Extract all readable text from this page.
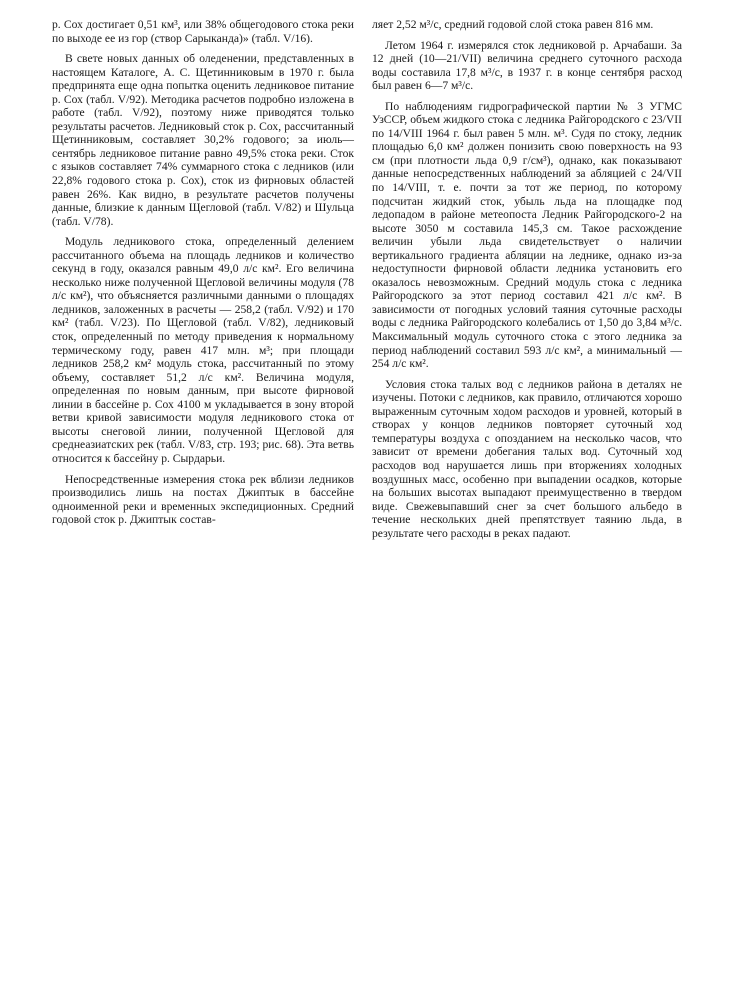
р. Сох достигает 0,51 км³, или 38% общегодового стока реки по выходе ее из гор (створ Сарыканда)» (табл. V/16).

В свете новых данных об оледенении, представленных в настоящем Каталоге, А. С. Щетинниковым в 1970 г. была предпринята еще одна попытка оценить ледниковое питание р. Сох (табл. V/92). Методика расчетов подробно изложена в работе (табл. V/92), поэтому ниже приводятся только результаты расчетов. Ледниковый сток р. Сох, рассчитанный Щетинниковым, составляет 30,2% годового; за июль—сентябрь ледниковое питание равно 49,5% стока реки. Сток с языков составляет 74% суммарного стока с ледников (или 22,8% годового стока р. Сох), сток из фирновых областей равен 26%. Как видно, в результате расчетов получены данные, близкие к данным Щегловой (табл. V/82) и Шульца (табл. V/78).

Модуль ледникового стока, определенный делением рассчитанного объема на площадь ледников и количество секунд в году, оказался равным 49,0 л/с км². Его величина несколько ниже полученной Щегловой величины модуля (78 л/с км²), что объясняется различными данными о площадях ледников, заложенных в расчеты — 258,2 (табл. V/92) и 170 км² (табл. V/23). По Щегловой (табл. V/82), ледниковый сток, определенный по методу приведения к нормальному термическому году, равен 417 млн. м³; при площади ледников 258,2 км² модуль стока, рассчитанный по этому объему, составляет 51,2 л/с км². Величина модуля, определенная по новым данным, при высоте фирновой линии в бассейне р. Сох 4100 м укладывается в зону второй ветви кривой зависимости модуля ледникового стока от высоты снеговой линии, полученной Щегловой для среднеазиатских рек (табл. V/83, стр. 193; рис. 68). Эта ветвь относится к бассейну р. Сырдарьи.

Непосредственные измерения стока рек вблизи ледников производились лишь на постах Джиптык в бассейне одноименной реки и временных экспедиционных. Средний годовой сток р. Джиптык состав-

ляет 2,52 м³/с, средний годовой слой стока равен 816 мм.

Летом 1964 г. измерялся сток ледниковой р. Арчабаши. За 12 дней (10—21/VII) величина среднего суточного расхода воды составила 17,8 м³/с, в 1937 г. в конце сентября расход был равен 6—7 м³/с.

По наблюдениям гидрографической партии № 3 УГМС УзССР, объем жидкого стока с ледника Райгородского с 23/VII по 14/VIII 1964 г. был равен 5 млн. м³. Судя по стоку, ледник площадью 6,0 км² должен понизить свою поверхность на 93 см (при плотности льда 0,9 г/см³), однако, как показывают данные непосредственных наблюдений за абляцией с 24/VII по 14/VIII, т. е. почти за тот же период, по которому подсчитан жидкий сток, убыль льда на площадке под ледопадом в районе метеопоста Ледник Райгородского-2 на высоте 3050 м составила 145,3 см. Такое расхождение величин убыли льда свидетельствует о наличии вертикального градиента абляции на леднике, однако из-за недоступности фирновой области ледника установить его оказалось невозможным. Средний модуль стока с ледника Райгородского за этот период составил 421 л/с км². В зависимости от погодных условий таяния суточные расходы воды с ледника Райгородского колебались от 1,50 до 3,84 м³/с. Максимальный модуль суточного стока с этого ледника за период наблюдений составил 593 л/с км², а минимальный — 254 л/с км².

Условия стока талых вод с ледников района в деталях не изучены. Потоки с ледников, как правило, отличаются хорошо выраженным суточным ходом расходов и уровней, который в створах у концов ледников повторяет суточный ход температуры воздуха с опозданием на несколько часов, что зависит от времени добегания талых вод. Суточный ход расходов вод нарушается лишь при вторжениях холодных воздушных масс, особенно при выпадении осадков, которые на больших высотах выпадают преимущественно в твердом виде. Свежевыпавший снег за счет большого альбедо в течение нескольких дней препятствует таянию льда, в результате чего расходы в реках падают.
